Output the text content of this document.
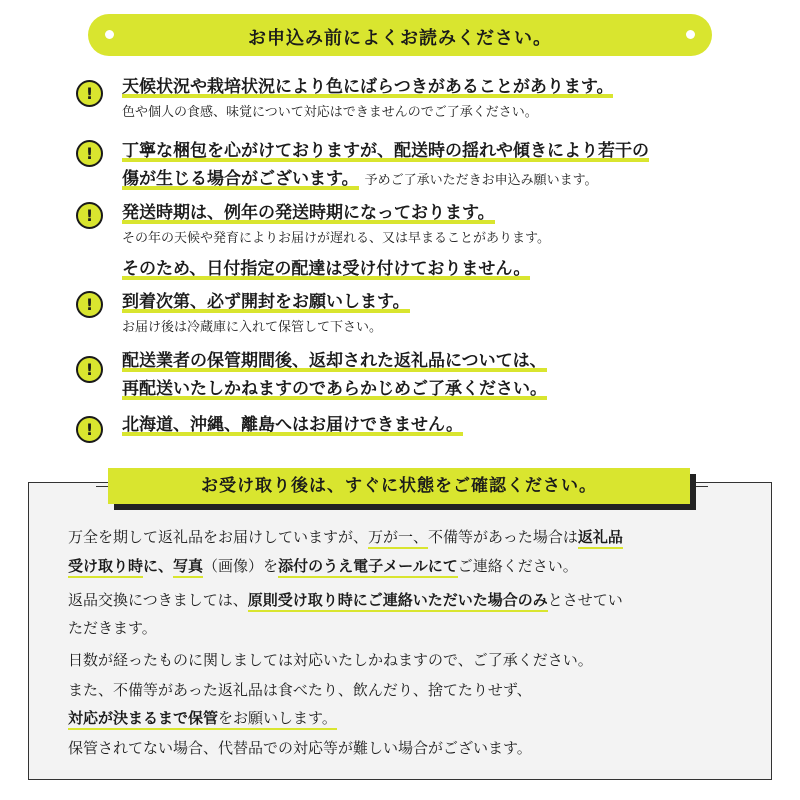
お申込み前によくお読みください。
!	天候状況や栽培状況により色にばらつきがあることがあります。
色や個人の食感、味覚について対応はできませんのでご了承ください。
!	丁寧な梱包を心がけておりますが、配送時の揺れや傾きにより若干の
傷が生じる場合がございます。 予めご了承いただきお申込み願います。
!	発送時期は、例年の発送時期になっております。
その年の天候や発育によりお届けが遅れる、又は早まることがあります。
そのため、日付指定の配達は受け付けておりません。
!	到着次第、必ず開封をお願いします。
お届け後は冷蔵庫に入れて保管して下さい。
!	配送業者の保管期間後、返却された返礼品については、
再配送いたしかねますのであらかじめご了承ください。
!	北海道、沖縄、離島へはお届けできません。
お受け取り後は、すぐに状態をご確認ください。
万全を期して返礼品をお届けしていますが、万が一、不備等があった場合は返礼品
受け取り時に、写真（画像）を添付のうえ電子メールにてご連絡ください。
返品交換につきましては、原則受け取り時にご連絡いただいた場合のみとさせてい
ただきます。
日数が経ったものに関しましては対応いたしかねますので、ご了承ください。
また、不備等があった返礼品は食べたり、飲んだり、捨てたりせず、
対応が決まるまで保管をお願いします。
保管されてない場合、代替品での対応等が難しい場合がございます。
